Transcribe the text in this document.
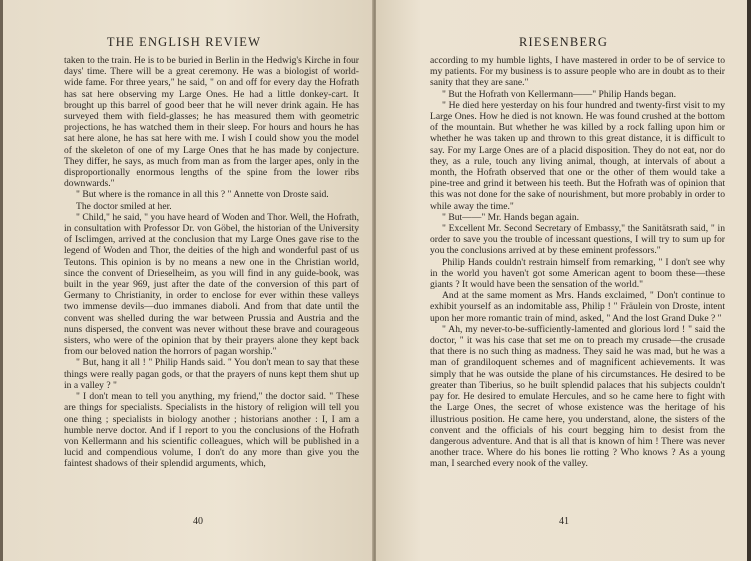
THE ENGLISH REVIEW

taken to the train. He is to be buried in Berlin in the Hedwig's Kirche in four days' time. There will be a great ceremony. He was a biologist of world-wide fame. For three years," he said, " on and off for every day the Hofrath has sat here observing my Large Ones. He had a little donkey-cart. It brought up this barrel of good beer that he will never drink again. He has surveyed them with field-glasses; he has measured them with geometric projections, he has watched them in their sleep. For hours and hours he has sat here alone, he has sat here with me. I wish I could show you the model of the skeleton of one of my Large Ones that he has made by conjecture. They differ, he says, as much from man as from the larger apes, only in the disproportionally enormous lengths of the spine from the lower ribs downwards."

" But where is the romance in all this ? " Annette von Droste said.

The doctor smiled at her.

" Child," he said, " you have heard of Woden and Thor. Well, the Hofrath, in consultation with Professor Dr. von Göbel, the historian of the University of Isclimgen, arrived at the conclusion that my Large Ones gave rise to the legend of Woden and Thor, the deities of the high and wonderful past of us Teutons. This opinion is by no means a new one in the Christian world, since the convent of Drieselheim, as you will find in any guide-book, was built in the year 969, just after the date of the conversion of this part of Germany to Christianity, in order to enclose for ever within these valleys two immense devils—duo immanes diaboli. And from that date until the convent was shelled during the war between Prussia and Austria and the nuns dispersed, the convent was never without these brave and courageous sisters, who were of the opinion that by their prayers alone they kept back from our beloved nation the horrors of pagan worship."

" But, hang it all ! " Philip Hands said. " You don't mean to say that these things were really pagan gods, or that the prayers of nuns kept them shut up in a valley ? "

" I don't mean to tell you anything, my friend," the doctor said. " These are things for specialists. Specialists in the history of religion will tell you one thing ; specialists in biology another ; historians another : I, I am a humble nerve doctor. And if I report to you the conclusions of the Hofrath von Kellermann and his scientific colleagues, which will be published in a lucid and compendious volume, I don't do any more than give you the faintest shadows of their splendid arguments, which,

40
RIESENBERG

according to my humble lights, I have mastered in order to be of service to my patients. For my business is to assure people who are in doubt as to their sanity that they are sane."

" But the Hofrath von Kellermann——" Philip Hands began.

" He died here yesterday on his four hundred and twenty-first visit to my Large Ones. How he died is not known. He was found crushed at the bottom of the mountain. But whether he was killed by a rock falling upon him or whether he was taken up and thrown to this great distance, it is difficult to say. For my Large Ones are of a placid disposition. They do not eat, nor do they, as a rule, touch any living animal, though, at intervals of about a month, the Hofrath observed that one or the other of them would take a pine-tree and grind it between his teeth. But the Hofrath was of opinion that this was not done for the sake of nourishment, but more probably in order to while away the time."

" But——" Mr. Hands began again.

" Excellent Mr. Second Secretary of Embassy," the Sanitätsrath said, " in order to save you the trouble of incessant questions, I will try to sum up for you the conclusions arrived at by these eminent professors."

Philip Hands couldn't restrain himself from remarking, " I don't see why in the world you haven't got some American agent to boom these—these giants ? It would have been the sensation of the world."

And at the same moment as Mrs. Hands exclaimed, " Don't continue to exhibit yourself as an indomitable ass, Philip ! " Fräulein von Droste, intent upon her more romantic train of mind, asked, " And the lost Grand Duke ? "

" Ah, my never-to-be-sufficiently-lamented and glorious lord ! " said the doctor, " it was his case that set me on to preach my crusade—the crusade that there is no such thing as madness. They said he was mad, but he was a man of grandiloquent schemes and of magnificent achievements. It was simply that he was outside the plane of his circumstances. He desired to be greater than Tiberius, so he built splendid palaces that his subjects couldn't pay for. He desired to emulate Hercules, and so he came here to fight with the Large Ones, the secret of whose existence was the heritage of his illustrious position. He came here, you understand, alone, the sisters of the convent and the officials of his court begging him to desist from the dangerous adventure. And that is all that is known of him ! There was never another trace. Where do his bones lie rotting ? Who knows ? As a young man, I searched every nook of the valley.

41
